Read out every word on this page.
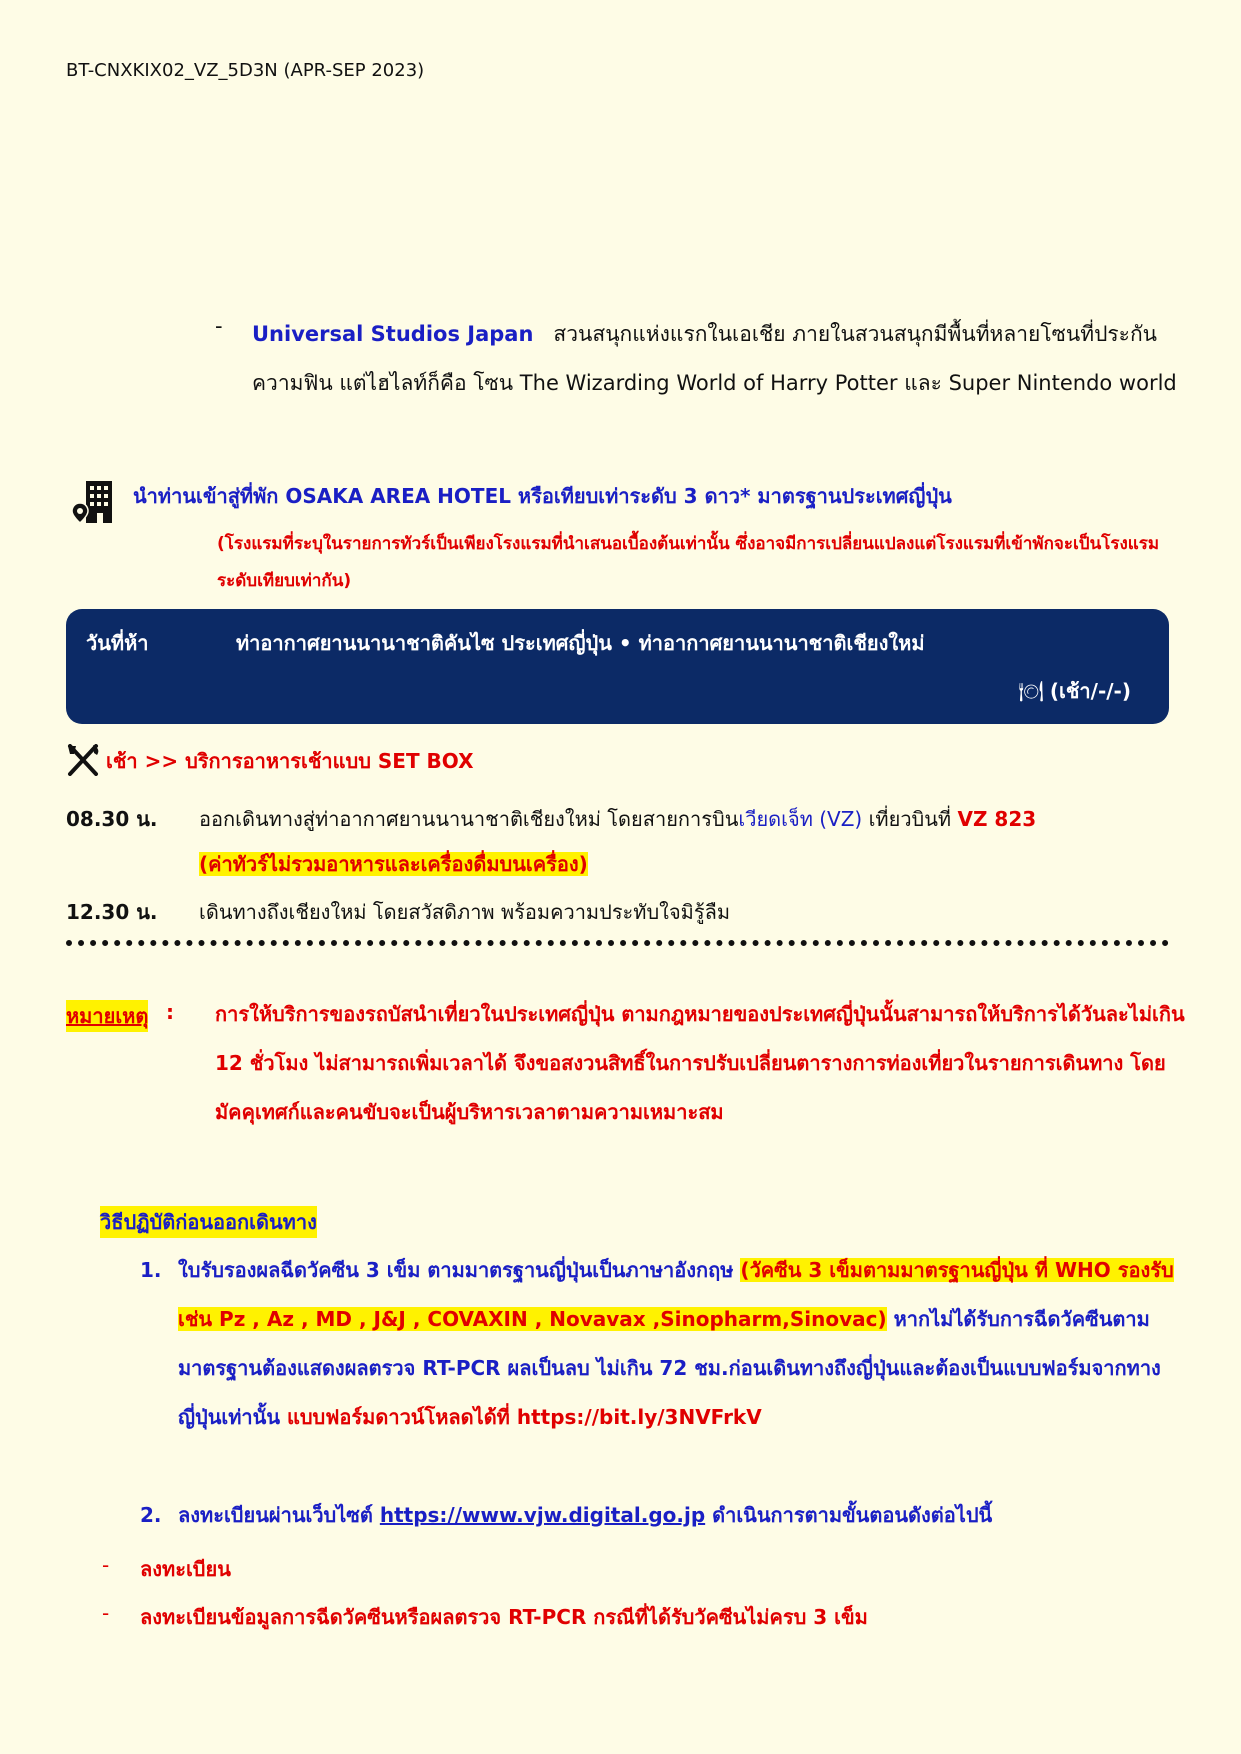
BT-CNXKIX02_VZ_5D3N (APR-SEP 2023)
- Universal Studios Japan สวนสนุกแห่งแรกในเอเชีย ภายในสวนสนุกมีพื้นที่หลายโซนที่ประกันความฟิน แต่ไฮไลท์ก็คือ โซน The Wizarding World of Harry Potter และ Super Nintendo world
นำท่านเข้าสู่ที่พัก OSAKA AREA HOTEL หรือเทียบเท่าระดับ 3 ดาว* มาตรฐานประเทศญี่ปุ่น
(โรงแรมที่ระบุในรายการทัวร์เป็นเพียงโรงแรมที่นำเสนอเบื้องต้นเท่านั้น ซึ่งอาจมีการเปลี่ยนแปลงแต่โรงแรมที่เข้าพักจะเป็นโรงแรมระดับเทียบเท่ากัน)
วันที่ห้า	ท่าอากาศยานนานาชาติคันไซ ประเทศญี่ปุ่น • ท่าอากาศยานนานาชาติเชียงใหม่
🍽 (เช้า/-/-)
เช้า >> บริการอาหารเช้าแบบ SET BOX
08.30 น. ออกเดินทางสู่ท่าอากาศยานนานาชาติเชียงใหม่ โดยสายการบินเวียดเจ็ท (VZ) เที่ยวบินที่ VZ 823
(ค่าทัวร์ไม่รวมอาหารและเครื่องดื่มบนเครื่อง)
12.30 น. เดินทางถึงเชียงใหม่ โดยสวัสดิภาพ พร้อมความประทับใจมิรู้ลืม
หมายเหตุ : การให้บริการของรถบัสนำเที่ยวในประเทศญี่ปุ่น ตามกฎหมายของประเทศญี่ปุ่นนั้นสามารถให้บริการได้วันละไม่เกิน 12 ชั่วโมง ไม่สามารถเพิ่มเวลาได้ จึงขอสงวนสิทธิ์ในการปรับเปลี่ยนตารางการท่องเที่ยวในรายการเดินทาง โดยมัคคุเทศก์และคนขับจะเป็นผู้บริหารเวลาตามความเหมาะสม
วิธีปฏิบัติก่อนออกเดินทาง
1. ใบรับรองผลฉีดวัคซีน 3 เข็ม ตามมาตรฐานญี่ปุ่นเป็นภาษาอังกฤษ (วัคซีน 3 เข็มตามมาตรฐานญี่ปุ่น ที่ WHO รองรับ เช่น Pz , Az , MD , J&J , COVAXIN , Novavax ,Sinopharm,Sinovac) หากไม่ได้รับการฉีดวัคซีนตามมาตรฐานต้องแสดงผลตรวจ RT-PCR ผลเป็นลบ ไม่เกิน 72 ชม.ก่อนเดินทางถึงญี่ปุ่นและต้องเป็นแบบฟอร์มจากทางญี่ปุ่นเท่านั้น แบบฟอร์มดาวน์โหลดได้ที่ https://bit.ly/3NVFrkV
2. ลงทะเบียนผ่านเว็บไซต์ https://www.vjw.digital.go.jp ดำเนินการตามขั้นตอนดังต่อไปนี้
- ลงทะเบียน
- ลงทะเบียนข้อมูลการฉีดวัคซีนหรือผลตรวจ RT-PCR กรณีที่ได้รับวัคซีนไม่ครบ 3 เข็ม
